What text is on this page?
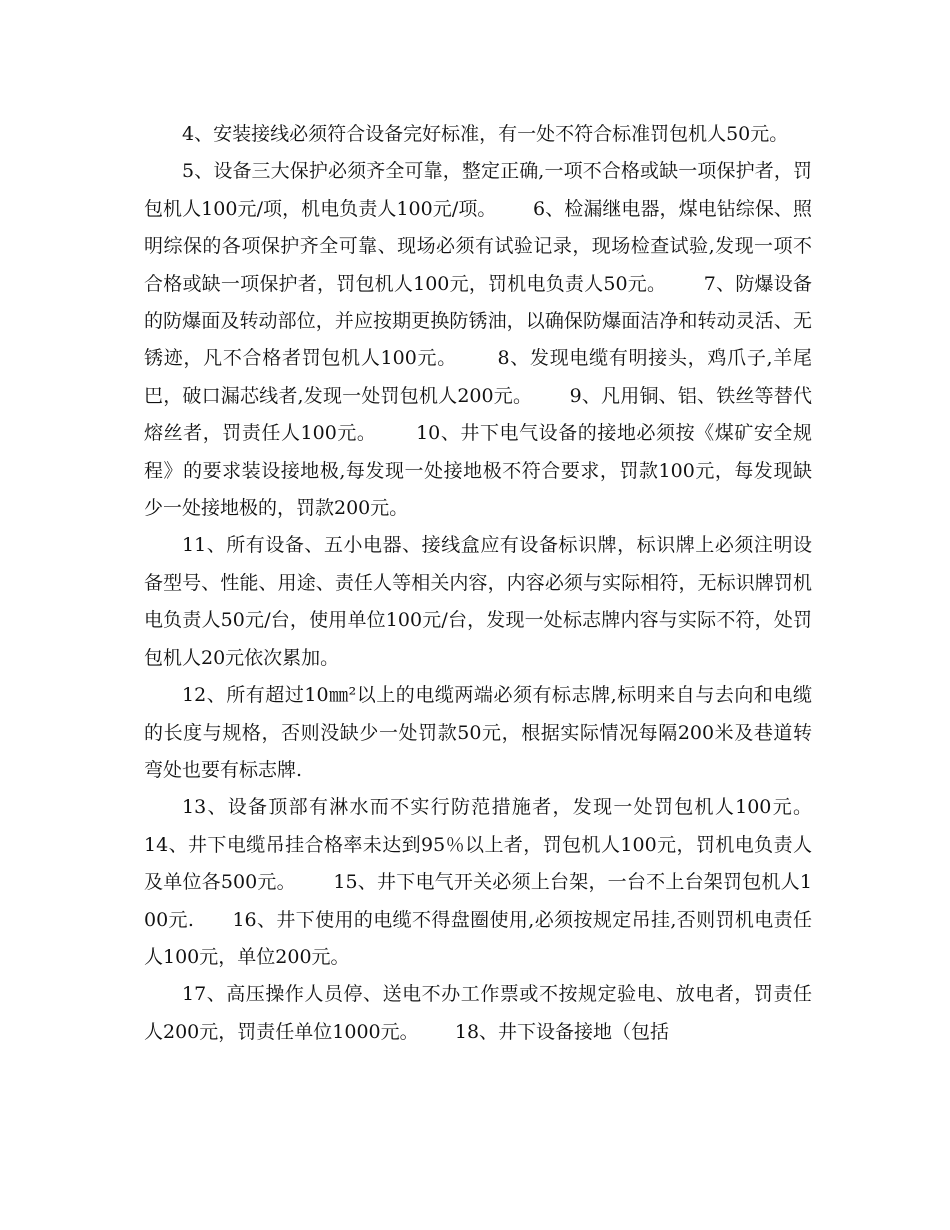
4、安装接线必须符合设备完好标准，有一处不符合标准罚包机人50元。

5、设备三大保护必须齐全可靠，整定正确,一项不合格或缺一项保护者，罚包机人100元/项，机电负责人100元/项。      6、检漏继电器，煤电钻综保、照明综保的各项保护齐全可靠、现场必须有试验记录，现场检查试验,发现一项不合格或缺一项保护者，罚包机人100元，罚机电负责人50元。      7、防爆设备的防爆面及转动部位，并应按期更换防锈油，以确保防爆面洁净和转动灵活、无锈迹，凡不合格者罚包机人100元。      8、发现电缆有明接头，鸡爪子,羊尾巴，破口漏芯线者,发现一处罚包机人200元。      9、凡用铜、铝、铁丝等替代熔丝者，罚责任人100元。      10、井下电气设备的接地必须按《煤矿安全规程》的要求装设接地极,每发现一处接地极不符合要求，罚款100元，每发现缺少一处接地极的，罚款200元。

11、所有设备、五小电器、接线盒应有设备标识牌，标识牌上必须注明设备型号、性能、用途、责任人等相关内容，内容必须与实际相符，无标识牌罚机电负责人50元/台，使用单位100元/台，发现一处标志牌内容与实际不符，处罚包机人20元依次累加。

12、所有超过10㎜²以上的电缆两端必须有标志牌,标明来自与去向和电缆的长度与规格，否则没缺少一处罚款50元，根据实际情况每隔200米及巷道转弯处也要有标志牌.

13、设备顶部有淋水而不实行防范措施者，发现一处罚包机人100元。      14、井下电缆吊挂合格率未达到95％以上者，罚包机人100元，罚机电负责人及单位各500元。      15、井下电气开关必须上台架，一台不上台架罚包机人100元.      16、井下使用的电缆不得盘圈使用,必须按规定吊挂,否则罚机电责任人100元，单位200元。

17、高压操作人员停、送电不办工作票或不按规定验电、放电者，罚责任人200元，罚责任单位1000元。      18、井下设备接地（包括
